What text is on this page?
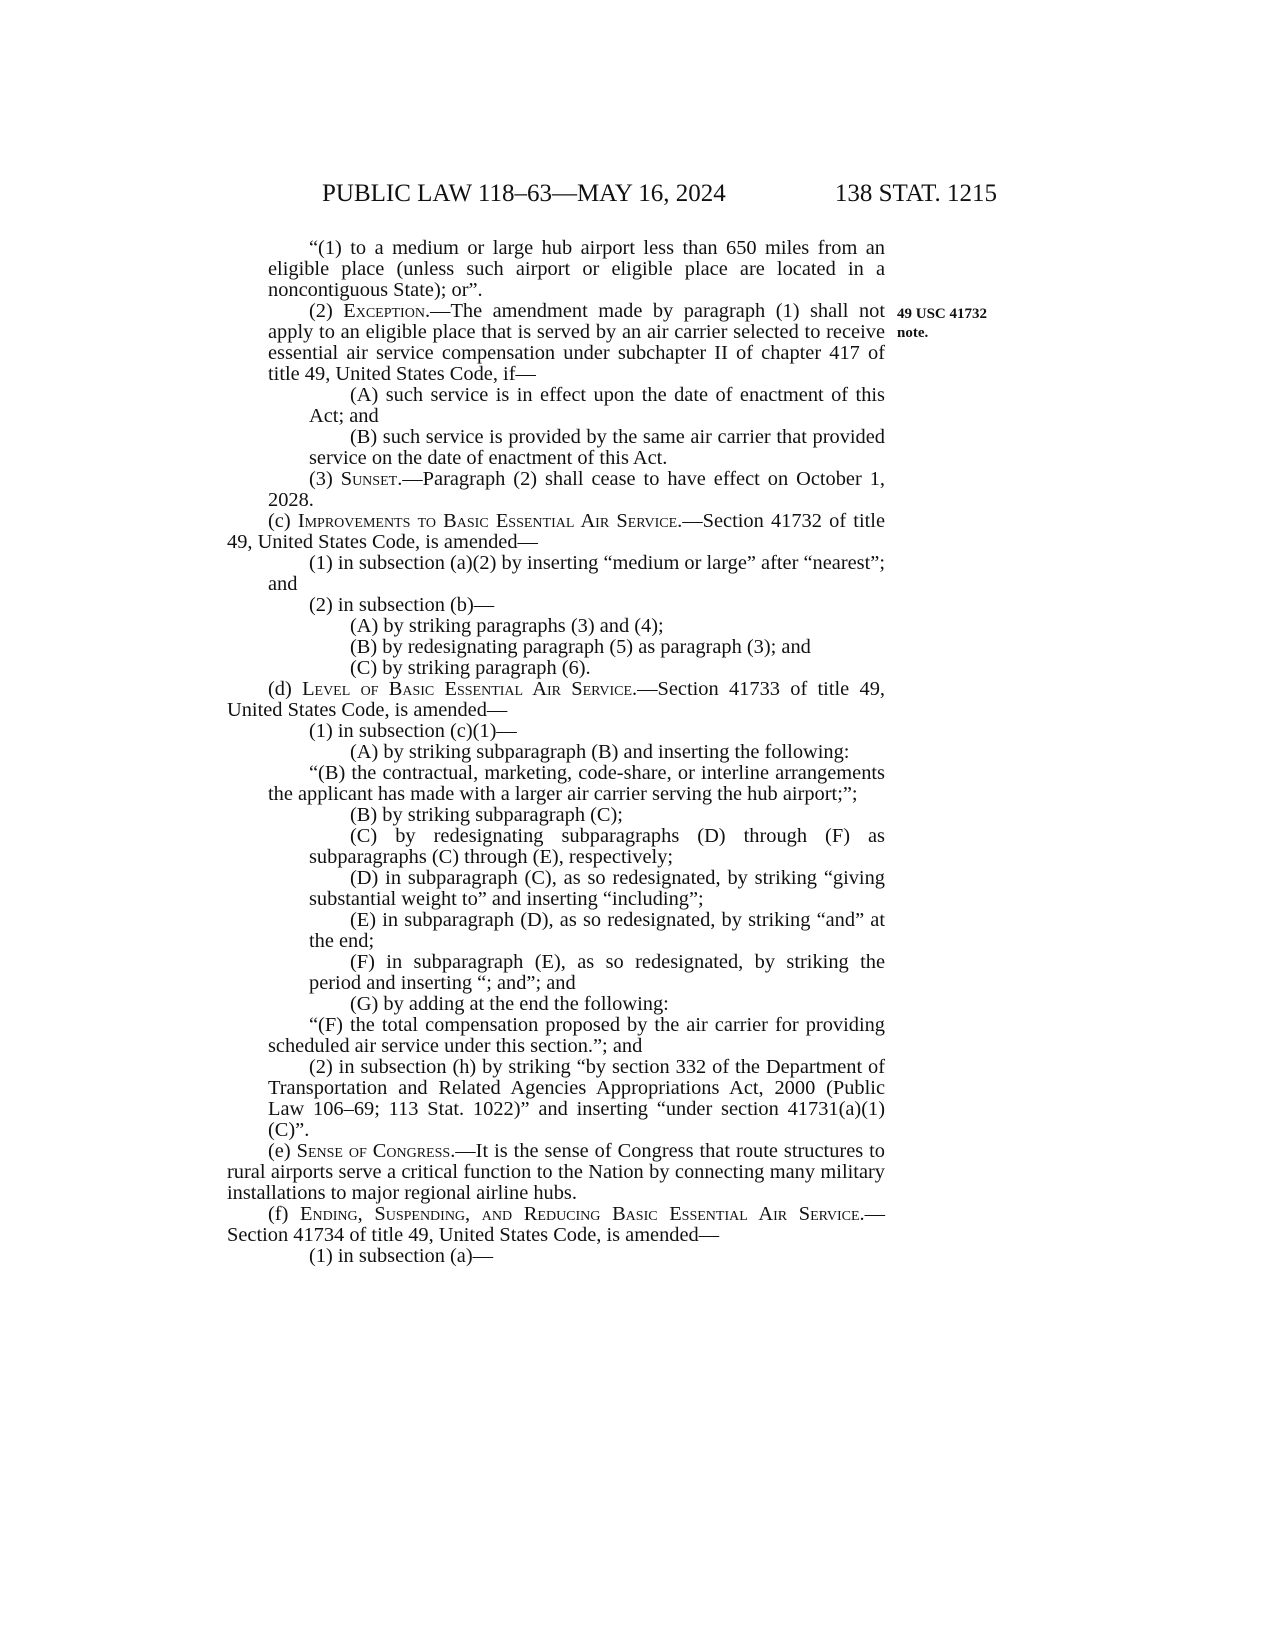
PUBLIC LAW 118–63—MAY 16, 2024	138 STAT. 1215
49 USC 41732
note.

“(1) to a medium or large hub airport less than 650 miles from an eligible place (unless such airport or eligible place are located in a noncontiguous State); or”.

(2) Exception.—The amendment made by paragraph (1) shall not apply to an eligible place that is served by an air carrier selected to receive essential air service compensation under subchapter II of chapter 417 of title 49, United States Code, if—

(A) such service is in effect upon the date of enactment of this Act; and

(B) such service is provided by the same air carrier that provided service on the date of enactment of this Act.

(3) Sunset.—Paragraph (2) shall cease to have effect on October 1, 2028.

(c) Improvements to Basic Essential Air Service.—Section 41732 of title 49, United States Code, is amended—

(1) in subsection (a)(2) by inserting “medium or large” after “nearest”; and

(2) in subsection (b)—

(A) by striking paragraphs (3) and (4);

(B) by redesignating paragraph (5) as paragraph (3); and

(C) by striking paragraph (6).

(d) Level of Basic Essential Air Service.—Section 41733 of title 49, United States Code, is amended—

(1) in subsection (c)(1)—

(A) by striking subparagraph (B) and inserting the following:

“(B) the contractual, marketing, code-share, or interline arrangements the applicant has made with a larger air carrier serving the hub airport;”;

(B) by striking subparagraph (C);

(C) by redesignating subparagraphs (D) through (F) as subparagraphs (C) through (E), respectively;

(D) in subparagraph (C), as so redesignated, by striking “giving substantial weight to” and inserting “including”;

(E) in subparagraph (D), as so redesignated, by striking “and” at the end;

(F) in subparagraph (E), as so redesignated, by striking the period and inserting “; and”; and

(G) by adding at the end the following:

“(F) the total compensation proposed by the air carrier for providing scheduled air service under this section.”; and

(2) in subsection (h) by striking “by section 332 of the Department of Transportation and Related Agencies Appropriations Act, 2000 (Public Law 106–69; 113 Stat. 1022)” and inserting “under section 41731(a)(1)(C)”.

(e) Sense of Congress.—It is the sense of Congress that route structures to rural airports serve a critical function to the Nation by connecting many military installations to major regional airline hubs.

(f) Ending, Suspending, and Reducing Basic Essential Air Service.—Section 41734 of title 49, United States Code, is amended—

(1) in subsection (a)—
